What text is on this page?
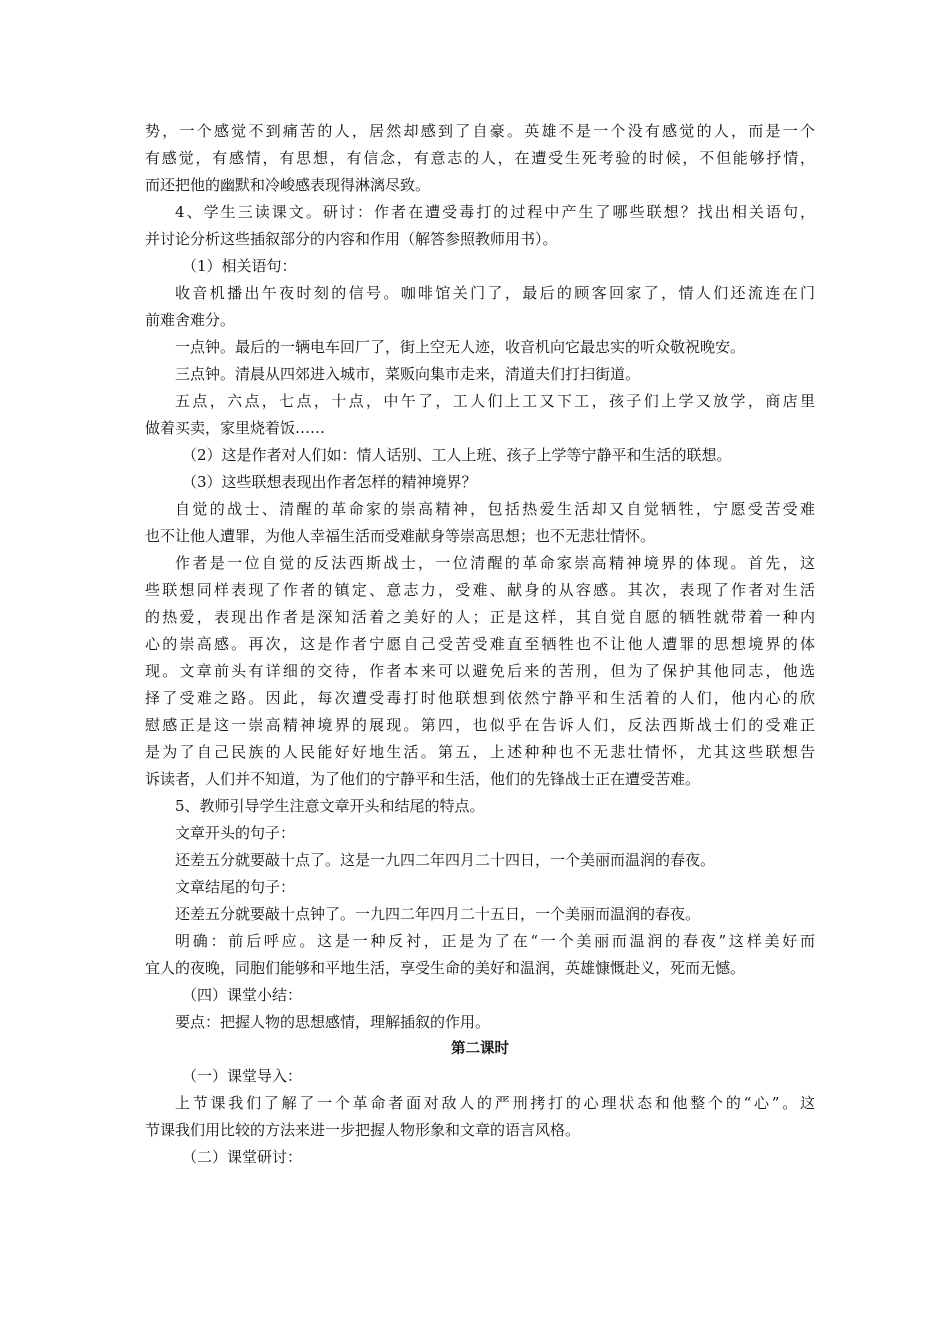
势，一个感觉不到痛苦的人，居然却感到了自豪。英雄不是一个没有感觉的人，而是一个
有感觉，有感情，有思想，有信念，有意志的人，在遭受生死考验的时候，不但能够抒情，
而还把他的幽默和冷峻感表现得淋漓尽致。
4、学生三读课文。研讨：作者在遭受毒打的过程中产生了哪些联想？找出相关语句，
并讨论分析这些插叙部分的内容和作用（解答参照教师用书）。
（1）相关语句：
收音机播出午夜时刻的信号。咖啡馆关门了，最后的顾客回家了，情人们还流连在门
前难舍难分。
一点钟。最后的一辆电车回厂了，街上空无人迹，收音机向它最忠实的听众敬祝晚安。
三点钟。清晨从四郊进入城市，菜贩向集市走来，清道夫们打扫街道。
五点，六点，七点，十点，中午了，工人们上工又下工，孩子们上学又放学，商店里
做着买卖，家里烧着饭……
（2）这是作者对人们如：情人话别、工人上班、孩子上学等宁静平和生活的联想。
（3）这些联想表现出作者怎样的精神境界？
自觉的战士、清醒的革命家的崇高精神，包括热爱生活却又自觉牺牲，宁愿受苦受难
也不让他人遭罪，为他人幸福生活而受难献身等崇高思想；也不无悲壮情怀。
作者是一位自觉的反法西斯战士，一位清醒的革命家崇高精神境界的体现。首先，这
些联想同样表现了作者的镇定、意志力，受难、献身的从容感。其次，表现了作者对生活
的热爱，表现出作者是深知活着之美好的人；正是这样，其自觉自愿的牺牲就带着一种内
心的崇高感。再次，这是作者宁愿自己受苦受难直至牺牲也不让他人遭罪的思想境界的体
现。文章前头有详细的交待，作者本来可以避免后来的苦刑，但为了保护其他同志，他选
择了受难之路。因此，每次遭受毒打时他联想到依然宁静平和生活着的人们，他内心的欣
慰感正是这一崇高精神境界的展现。第四，也似乎在告诉人们，反法西斯战士们的受难正
是为了自己民族的人民能好好地生活。第五，上述种种也不无悲壮情怀，尤其这些联想告
诉读者，人们并不知道，为了他们的宁静平和生活，他们的先锋战士正在遭受苦难。
5、教师引导学生注意文章开头和结尾的特点。
文章开头的句子：
还差五分就要敲十点了。这是一九四二年四月二十四日，一个美丽而温润的春夜。
文章结尾的句子：
还差五分就要敲十点钟了。一九四二年四月二十五日，一个美丽而温润的春夜。
明确：前后呼应。这是一种反衬，正是为了在“一个美丽而温润的春夜”这样美好而
宜人的夜晚，同胞们能够和平地生活，享受生命的美好和温润，英雄慷慨赴义，死而无憾。
（四）课堂小结：
要点：把握人物的思想感情，理解插叙的作用。
第二课时
（一）课堂导入：
上节课我们了解了一个革命者面对敌人的严刑拷打的心理状态和他整个的“心”。这
节课我们用比较的方法来进一步把握人物形象和文章的语言风格。
（二）课堂研讨：
